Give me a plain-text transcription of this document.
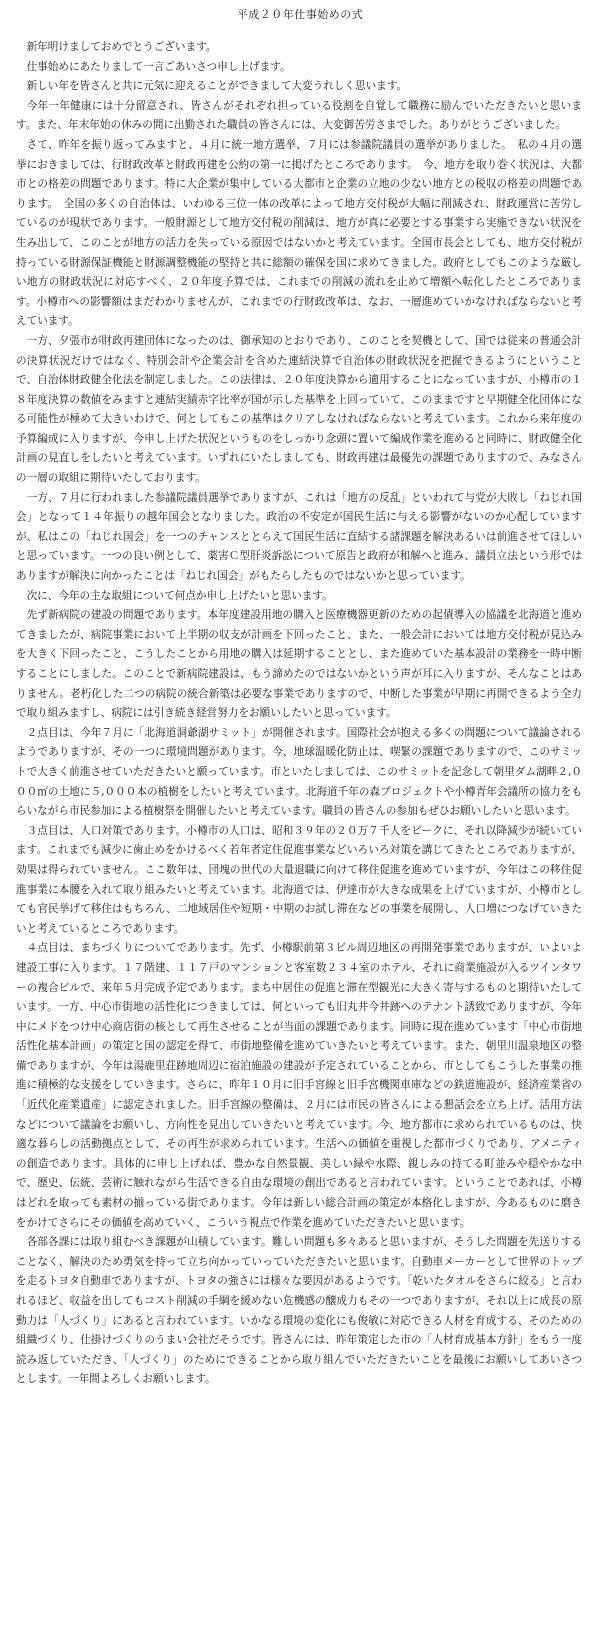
平成２０年仕事始めの式

新年明けましておめでとうございます。

仕事始めにあたりまして一言ごあいさつ申し上げます。

新しい年を皆さんと共に元気に迎えることができまして大変うれしく思います。

今年一年健康には十分留意され、皆さんがそれぞれ担っている役割を自覚して職務に励んでいただきたいと思います。また、年末年始の休みの間に出勤された職員の皆さんには、大変御苦労さまでした。ありがとうございました。

さて、昨年を振り返ってみますと、４月に統一地方選挙、７月には参議院議員の選挙がありました。　私の４月の選挙におきましては、行財政改革と財政再建を公約の第一に掲げたところであります。　今、地方を取り巻く状況は、大都市との格差の問題であります。特に大企業が集中している大都市と企業の立地の少ない地方との税収の格差の問題であります。　全国の多くの自治体は、いわゆる三位一体の改革によって地方交付税が大幅に削減され、財政運営に苦労しているのが現状であります。一般財源として地方交付税の削減は、地方が真に必要とする事業すら実施できない状況を生み出して、このことが地方の活力を失っている原因ではないかと考えています。全国市長会としても、地方交付税が持っている財源保証機能と財源調整機能の堅持と共に総額の確保を国に求めてきました。政府としてもこのような厳しい地方の財政状況に対応すべく、２０年度予算では、これまでの削減の流れを止めて増額へ転化したところであります。小樽市への影響額はまだわかりませんが、これまでの行財政改革は、なお、一層進めていかなければならないと考えています。

一方、夕張市が財政再建団体になったのは、御承知のとおりであり、このことを契機として、国では従来の普通会計の決算状況だけではなく、特別会計や企業会計を含めた連結決算で自治体の財政状況を把握できるようにということで、自治体財政健全化法を制定しました。この法律は、２０年度決算から適用することになっていますが、小樽市の１８年度決算の数値をみますと連結実績赤字比率が国が示した基準を上回っていて、このままですと早期健全化団体になる可能性が極めて大きいわけで、何としてもこの基準はクリアしなければならないと考えています。これから来年度の予算編成に入りますが、今申し上げた状況というものをしっかり念頭に置いて編成作業を進めると同時に、財政健全化計画の見直しをしたいと考えています。いずれにいたしましても、財政再建は最優先の課題でありますので、みなさんの一層の取組に期待いたしております。

一方、７月に行われました参議院議員選挙でありますが、これは「地方の反乱」といわれて与党が大敗し「ねじれ国会」となって１４年振りの越年国会となりました。政治の不安定が国民生活に与える影響がないのか心配していますが、私はこの「ねじれ国会」を一つのチャンスととらえて国民生活に直結する諸課題を解決あるいは前進させてほしいと思っています。一つの良い例として、薬害Ｃ型肝炎訴訟について原告と政府が和解へと進み、議員立法という形ではありますが解決に向かったことは「ねじれ国会」がもたらしたものではないかと思っています。

次に、今年の主な取組について何点か申し上げたいと思います。

先ず新病院の建設の問題であります。本年度建設用地の購入と医療機器更新のための起債導入の協議を北海道と進めてきましたが、病院事業において上半期の収支が計画を下回ったこと、また、一般会計においては地方交付税が見込みを大きく下回ったこと、こうしたことから用地の購入は延期することとし、また進めていた基本設計の業務を一時中断することにしました。このことで新病院建設は、もう諦めたのではないかという声が耳に入りますが、そんなことはありません。老朽化した二つの病院の統合新築は必要な事業でありますので、中断した事業が早期に再開できるよう全力で取り組みますし、病院には引き続き経営努力をお願いしたいと思っています。

２点目は、今年７月に「北海道洞爺湖サミット」が開催されます。国際社会が抱える多くの問題について議論されるようでありますが、その一つに環境問題があります。今、地球温暖化防止は、喫緊の課題でありますので、このサミットで大きく前進させていただきたいと願っています。市といたしましては、このサミットを記念して朝里ダム湖畔２,０００㎡の土地に５,０００本の植樹をしたいと考えています。北海道千年の森プロジェクトや小樽青年会議所の協力をもらいながら市民参加による植樹祭を開催したいと考えています。職員の皆さんの参加もぜひお願いしたいと思います。

３点目は、人口対策であります。小樽市の人口は、昭和３９年の２０万７千人をピークに、それ以降減少が続いています。これまでも減少に歯止めをかけるべく若年者定住促進事業などいろいろ対策を講じてきたところでありますが、効果は得られていません。ここ数年は、団塊の世代の大量退職に向けて移住促進を進めていますが、今年はこの移住促進事業に本腰を入れて取り組みたいと考えています。北海道では、伊達市が大きな成果を上げていますが、小樽市としても官民挙げて移住はもちろん、二地域居住や短期・中期のお試し滞在などの事業を展開し、人口増につなげていきたいと考えているところであります。

４点目は、まちづくりについてであります。先ず、小樽駅前第３ビル周辺地区の再開発事業でありますが、いよいよ建設工事に入ります。１７階建、１１７戸のマンションと客室数２３４室のホテル、それに商業施設が入るツインタワーの複合ビルで、来年５月完成予定であります。まち中居住の促進と滞在型観光に大きく寄与するものと期待いたしています。一方、中心市街地の活性化につきましては、何といっても旧丸井今井跡へのテナント誘致でありますが、今年中にメドをつけ中心商店街の核として再生させることが当面の課題であります。同時に現在進めています「中心市街地活性化基本計画」の策定と国の認定を得て、市街地整備を進めていきたいと考えています。また、朝里川温泉地区の整備でありますが、今年は湯鹿里荘跡地周辺に宿泊施設の建設が予定されていることから、市としてもこうした事業の推進に積極的な支援をしていきます。さらに、昨年１０月に旧手宮線と旧手宮機関車庫などの鉄道施設が、経済産業省の「近代化産業遺産」に認定されました。旧手宮線の整備は、２月には市民の皆さんによる懇話会を立ち上げ、活用方法などについて議論をお願いし、方向性を見出していきたいと考えています。今、地方都市に求められているものは、快適な暮らしの活動拠点として、その再生が求められています。生活への価値を重視した都市づくりであり、アメニティの創造であります。具体的に申し上げれば、豊かな自然景観、美しい緑や水際、親しみの持てる町並みや穏やかな中で、歴史、伝統、芸術に触れながら生活できる自由な環境の創出であると言われています。ということであれば、小樽はどれを取っても素材の揃っている街であります。今年は新しい総合計画の策定が本格化しますが、今あるものに磨きをかけてさらにその価値を高めていく、こういう視点で作業を進めていただきたいと思います。

各部各課には取り組むべき課題が山積しています。難しい問題も多々あると思いますが、そうした問題を先送りすることなく、解決のため勇気を持って立ち向かっていっていただきたいと思います。自動車メーカーとして世界のトップを走るトヨタ自動車でありますが、トヨタの強さには様々な要因があるようです。「乾いたタオルをさらに絞る」と言われるほど、収益を出してもコスト削減の手綱を緩めない危機感の醸成力もその一つでありますが、それ以上に成長の原動力は「人づくり」にあると言われています。いかなる環境の変化にも俊敏に対応できる人材を育成する、そのための組織づくり、仕掛けづくりのうまい会社だそうです。皆さんには、昨年策定した市の「人材育成基本方針」をもう一度読み返していただき、「人づくり」のためにできることから取り組んでいただきたいことを最後にお願いしてあいさつとします。一年間よろしくお願いします。
